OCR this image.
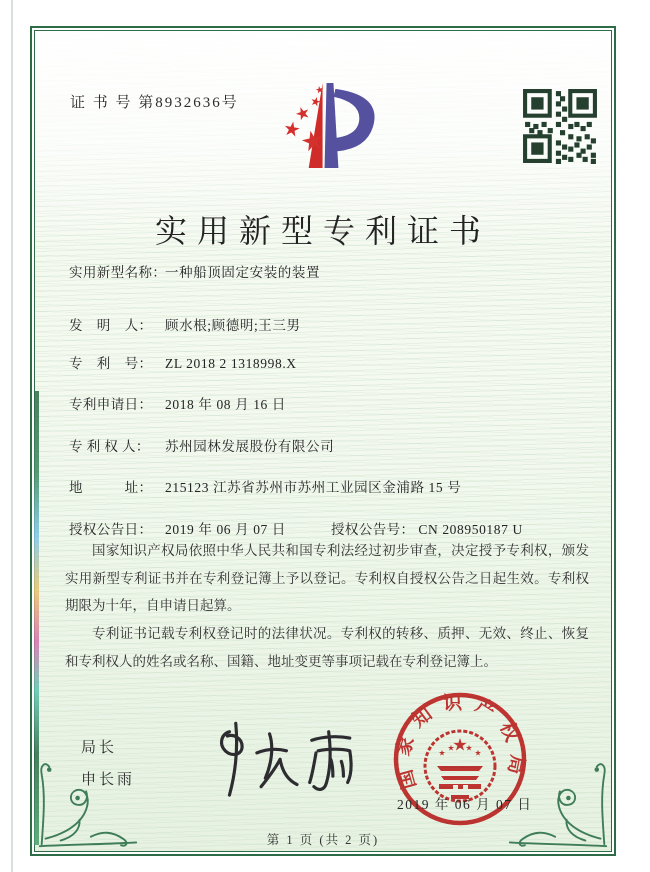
证 书 号 第8932636号
实用新型专利证书
实用新型名称：一种船顶固定安装的装置
发　明　人： 顾水根;顾德明;王三男
专　利　号： ZL 2018 2 1318998.X
专利申请日： 2018 年 08 月 16 日
专 利 权 人： 苏州园林发展股份有限公司
地　　　址： 215123 江苏省苏州市苏州工业园区金浦路 15 号
授权公告日： 2019 年 06 月 07 日	授权公告号： CN 208950187 U

国家知识产权局依照中华人民共和国专利法经过初步审查，决定授予专利权，颁发实用新型专利证书并在专利登记簿上予以登记。专利权自授权公告之日起生效。专利权期限为十年，自申请日起算。

专利证书记载专利权登记时的法律状况。专利权的转移、质押、无效、终止、恢复和专利权人的姓名或名称、国籍、地址变更等事项记载在专利登记簿上。

局长
申长雨	国家知识产权局
2019 年 06 月 07 日
第 1 页 (共 2 页)
